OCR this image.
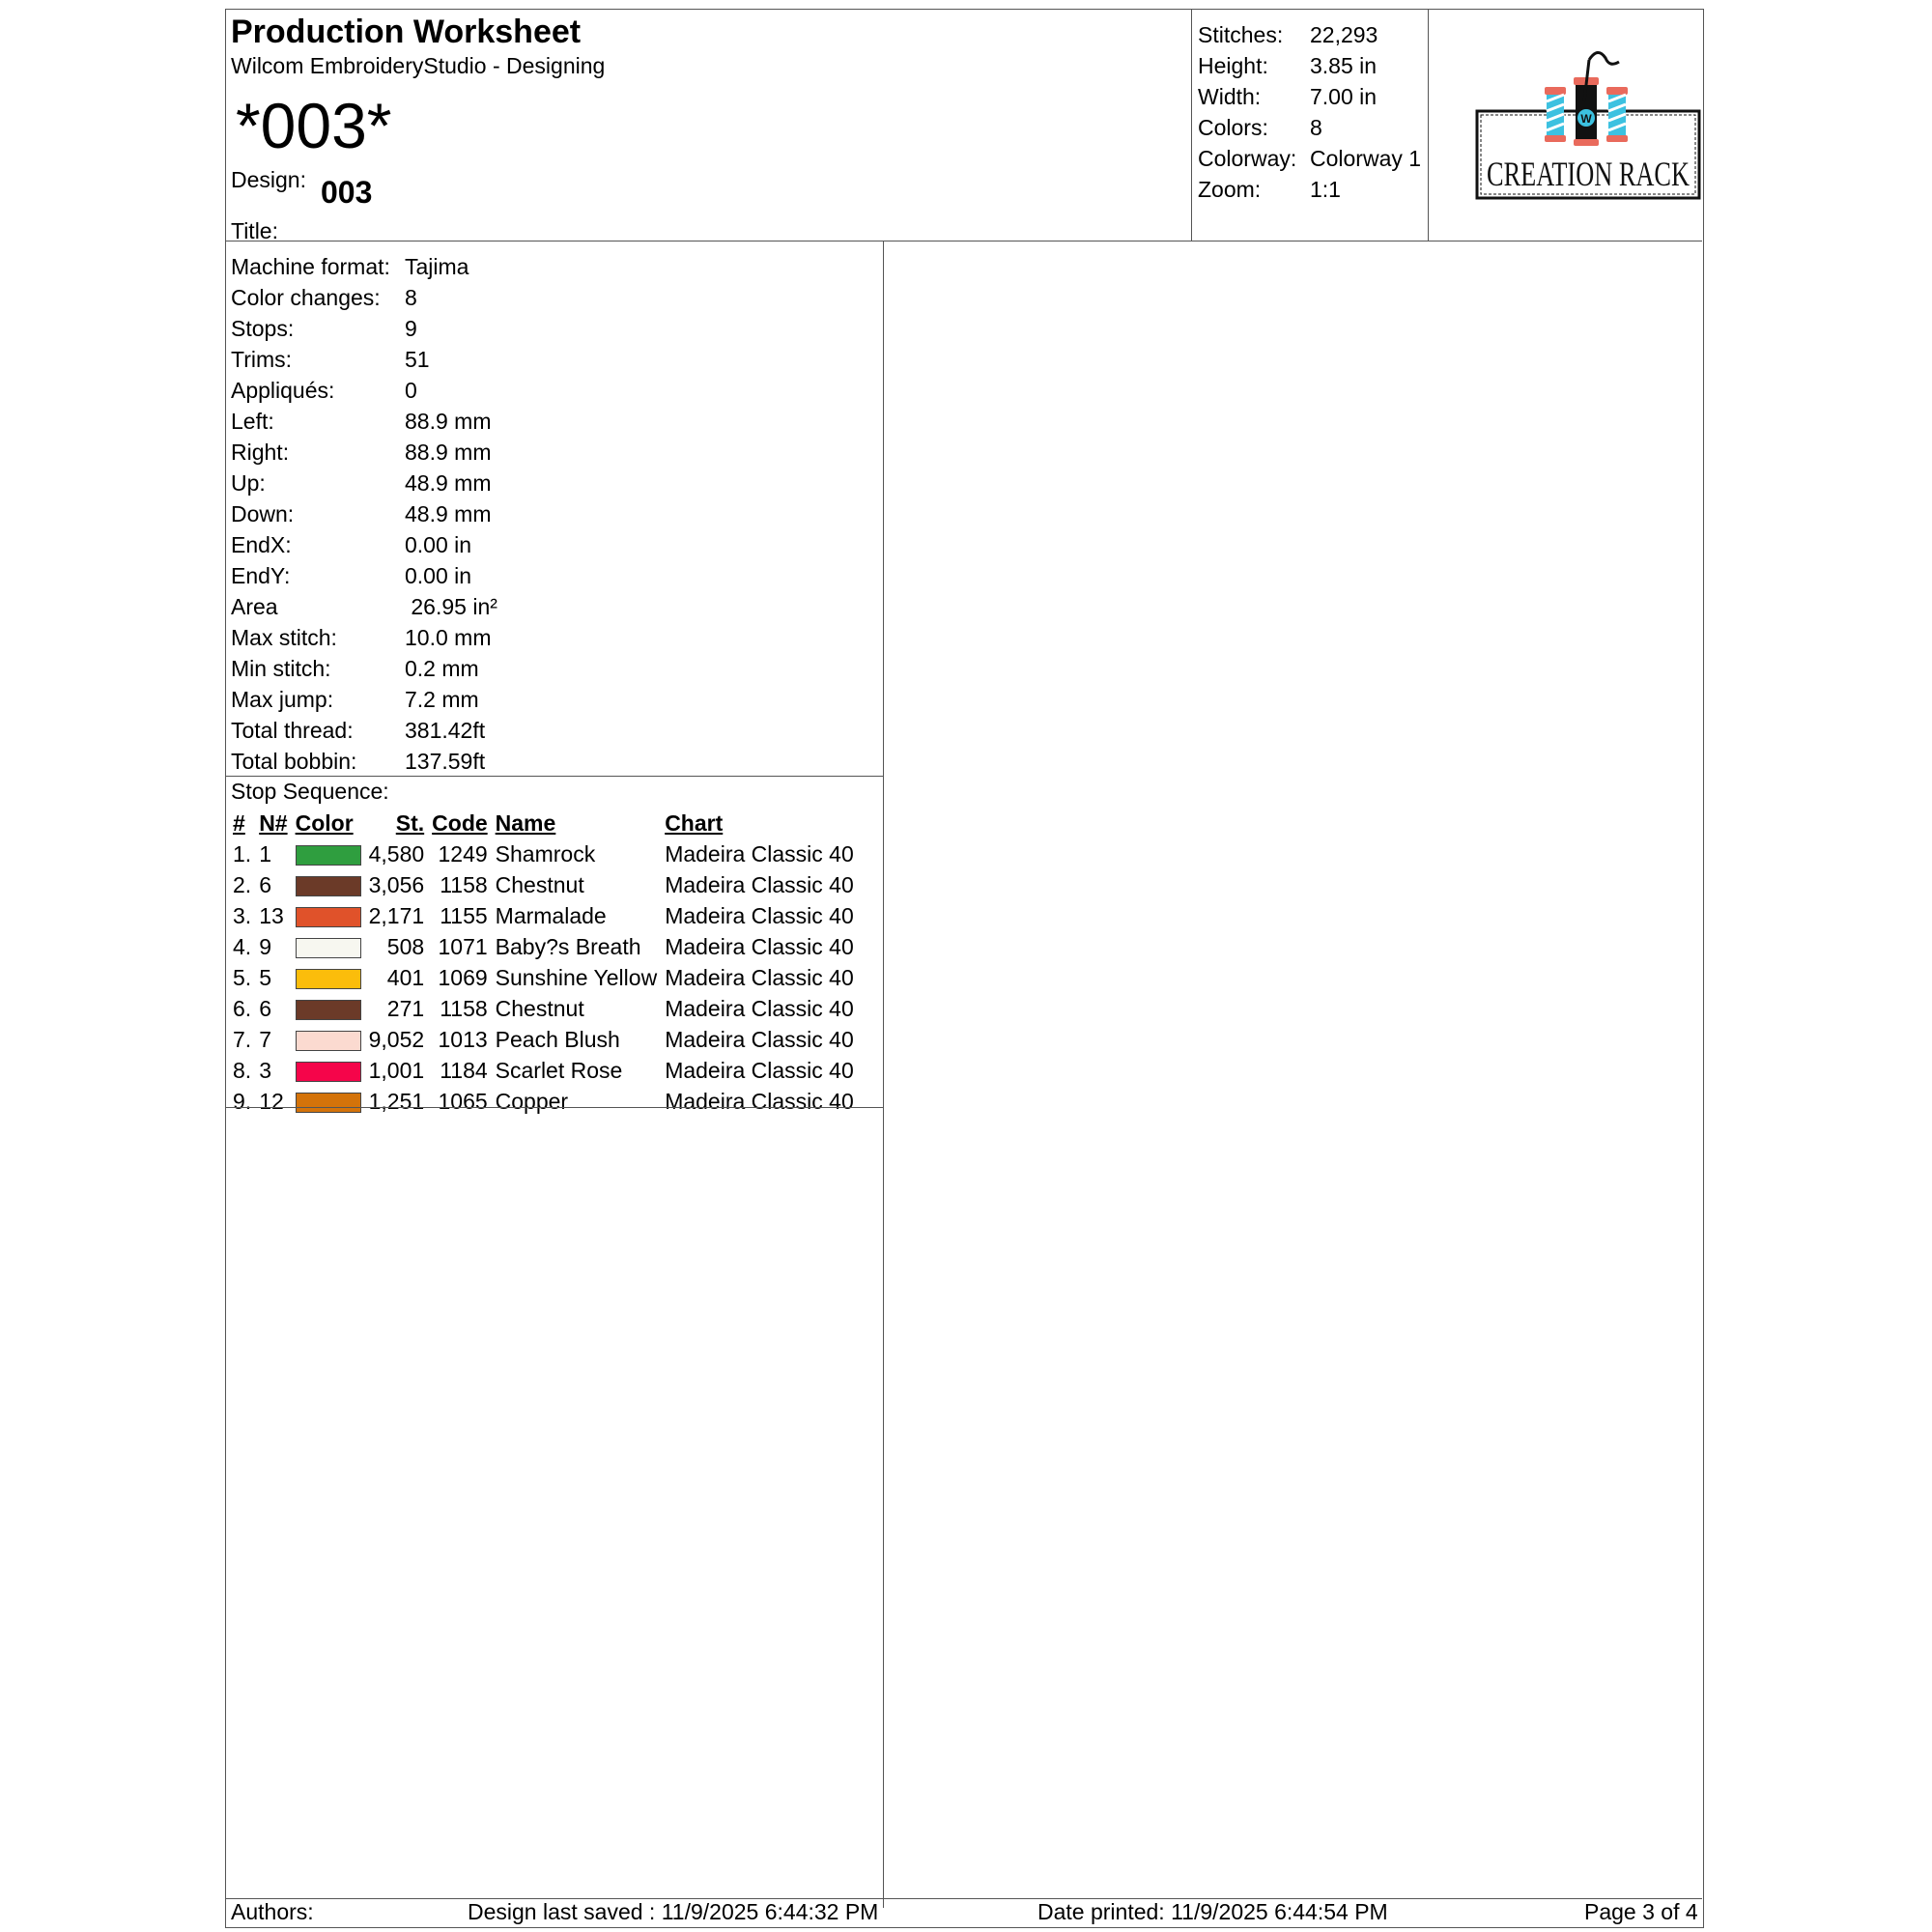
Production Worksheet
Wilcom EmbroideryStudio - Designing
*003*
Design: 003
Title:
Stitches:	22,293
Height:	3.85 in
Width:	7.00 in
Colors:	8
Colorway: Colorway 1
Zoom:	1:1
W
CREATION RACK
Machine format: Tajima
Color changes:	8
Stops:	9
Trims:	51
Appliqués:	0
Left:	88.9 mm
Right:	88.9 mm
Up:	48.9 mm
Down:	48.9 mm
EndX:	0.00 in
EndY:	0.00 in
Area	26.95 in²
Max stitch:	10.0 mm
Min stitch:	0.2 mm
Max jump:	7.2 mm
Total thread:	381.42ft
Total bobbin:	137.59ft
Stop Sequence:
#	N#	Color	St.	Code	Name	Chart
1.	1		4,580	1249	Shamrock	Madeira Classic 40
2.	6		3,056	1158	Chestnut	Madeira Classic 40
3.	13		2,171	1155	Marmalade	Madeira Classic 40
4.	9		508	1071	Baby?s Breath	Madeira Classic 40
5.	5		401	1069	Sunshine Yellow	Madeira Classic 40
6.	6		271	1158	Chestnut	Madeira Classic 40
7.	7		9,052	1013	Peach Blush	Madeira Classic 40
8.	3		1,001	1184	Scarlet Rose	Madeira Classic 40
9.	12		1,251	1065	Copper	Madeira Classic 40
Authors:	Design last saved : 11/9/2025 6:44:32 PM	Date printed: 11/9/2025 6:44:54 PM	Page 3 of 4
